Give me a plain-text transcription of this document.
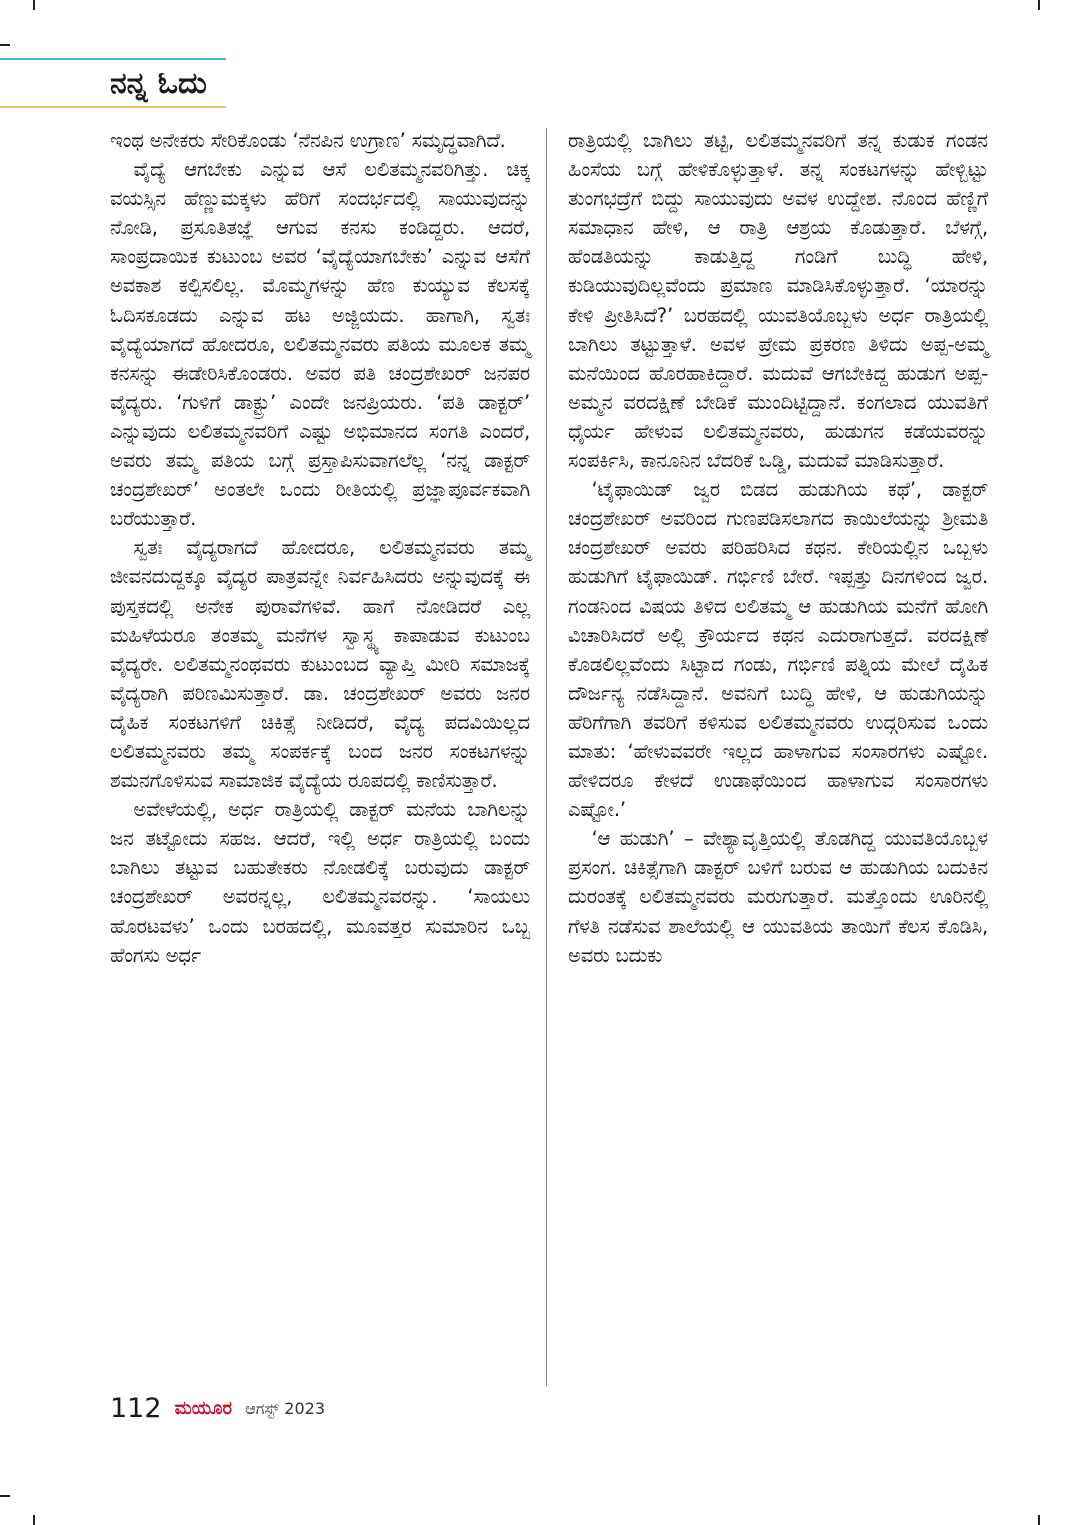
ನನ್ನ ಓದು

ಇಂಥ ಅನೇಕರು ಸೇರಿಕೊಂಡು ‘ನೆನಪಿನ ಉಗ್ರಾಣ’ ಸಮೃದ್ಧವಾಗಿದೆ.

ವೈದ್ಯೆ ಆಗಬೇಕು ಎನ್ನುವ ಆಸೆ ಲಲಿತಮ್ಮನವರಿಗಿತ್ತು. ಚಿಕ್ಕ ವಯಸ್ಸಿನ ಹೆಣ್ಣುಮಕ್ಕಳು ಹೆರಿಗೆ ಸಂದರ್ಭದಲ್ಲಿ ಸಾಯುವುದನ್ನು ನೋಡಿ, ಪ್ರಸೂತಿತಜ್ಞೆ ಆಗುವ ಕನಸು ಕಂಡಿದ್ದರು. ಆದರೆ, ಸಾಂಪ್ರದಾಯಿಕ ಕುಟುಂಬ ಅವರ ‘ವೈದ್ಯೆಯಾಗಬೇಕು’ ಎನ್ನುವ ಆಸೆಗೆ ಅವಕಾಶ ಕಲ್ಪಿಸಲಿಲ್ಲ. ಮೊಮ್ಮಗಳನ್ನು ಹೆಣ ಕುಯ್ಯುವ ಕೆಲಸಕ್ಕೆ ಓದಿಸಕೂಡದು ಎನ್ನುವ ಹಟ ಅಜ್ಜಿಯದು. ಹಾಗಾಗಿ, ಸ್ವತಃ ವೈದ್ಯೆಯಾಗದೆ ಹೋದರೂ, ಲಲಿತಮ್ಮನವರು ಪತಿಯ ಮೂಲಕ ತಮ್ಮ ಕನಸನ್ನು ಈಡೇರಿಸಿಕೊಂಡರು. ಅವರ ಪತಿ ಚಂದ್ರಶೇಖರ್ ಜನಪರ ವೈದ್ಯರು. ‘ಗುಳಿಗೆ ಡಾಕ್ಟ್ರು’ ಎಂದೇ ಜನಪ್ರಿಯರು. ‘ಪತಿ ಡಾಕ್ಟರ್’ ಎನ್ನುವುದು ಲಲಿತಮ್ಮನವರಿಗೆ ಎಷ್ಟು ಅಭಿಮಾನದ ಸಂಗತಿ ಎಂದರೆ, ಅವರು ತಮ್ಮ ಪತಿಯ ಬಗ್ಗೆ ಪ್ರಸ್ತಾಪಿಸುವಾಗಲೆಲ್ಲ ‘ನನ್ನ ಡಾಕ್ಟರ್ ಚಂದ್ರಶೇಖರ್’ ಅಂತಲೇ ಒಂದು ರೀತಿಯಲ್ಲಿ ಪ್ರಜ್ಞಾಪೂರ್ವಕವಾಗಿ ಬರೆಯುತ್ತಾರೆ.

ಸ್ವತಃ ವೈದ್ಯರಾಗದೆ ಹೋದರೂ, ಲಲಿತಮ್ಮನವರು ತಮ್ಮ ಜೀವನದುದ್ದಕ್ಕೂ ವೈದ್ಯರ ಪಾತ್ರವನ್ನೇ ನಿರ್ವಹಿಸಿದರು ಅನ್ನುವುದಕ್ಕೆ ಈ ಪುಸ್ತಕದಲ್ಲಿ ಅನೇಕ ಪುರಾವೆಗಳಿವೆ. ಹಾಗೆ ನೋಡಿದರೆ ಎಲ್ಲ ಮಹಿಳೆಯರೂ ತಂತಮ್ಮ ಮನೆಗಳ ಸ್ವಾಸ್ಥ್ಯ ಕಾಪಾಡುವ ಕುಟುಂಬ ವೈದ್ಯರೇ. ಲಲಿತಮ್ಮನಂಥವರು ಕುಟುಂಬದ ವ್ಯಾಪ್ತಿ ಮೀರಿ ಸಮಾಜಕ್ಕೆ ವೈದ್ಯರಾಗಿ ಪರಿಣಮಿಸುತ್ತಾರೆ. ಡಾ. ಚಂದ್ರಶೇಖರ್ ಅವರು ಜನರ ದೈಹಿಕ ಸಂಕಟಗಳಿಗೆ ಚಿಕಿತ್ಸೆ ನೀಡಿದರೆ, ವೈದ್ಯ ಪದವಿಯಿಲ್ಲದ ಲಲಿತಮ್ಮನವರು ತಮ್ಮ ಸಂಪರ್ಕಕ್ಕೆ ಬಂದ ಜನರ ಸಂಕಟಗಳನ್ನು ಶಮನಗೊಳಿಸುವ ಸಾಮಾಜಿಕ ವೈದ್ಯೆಯ ರೂಪದಲ್ಲಿ ಕಾಣಿಸುತ್ತಾರೆ.

ಅವೇಳೆಯಲ್ಲಿ, ಅರ್ಧ ರಾತ್ರಿಯಲ್ಲಿ ಡಾಕ್ಟರ್ ಮನೆಯ ಬಾಗಿಲನ್ನು ಜನ ತಟ್ಟೋದು ಸಹಜ. ಆದರೆ, ಇಲ್ಲಿ ಅರ್ಧ ರಾತ್ರಿಯಲ್ಲಿ ಬಂದು ಬಾಗಿಲು ತಟ್ಟುವ ಬಹುತೇಕರು ನೋಡಲಿಕ್ಕೆ ಬರುವುದು ಡಾಕ್ಟರ್ ಚಂದ್ರಶೇಖರ್ ಅವರನ್ನಲ್ಲ, ಲಲಿತಮ್ಮನವರನ್ನು. ‘ಸಾಯಲು ಹೊರಟವಳು’ ಒಂದು ಬರಹದಲ್ಲಿ, ಮೂವತ್ತರ ಸುಮಾರಿನ ಒಬ್ಬ ಹೆಂಗಸು ಅರ್ಧ

ರಾತ್ರಿಯಲ್ಲಿ ಬಾಗಿಲು ತಟ್ಟಿ, ಲಲಿತಮ್ಮನವರಿಗೆ ತನ್ನ ಕುಡುಕ ಗಂಡನ ಹಿಂಸೆಯ ಬಗ್ಗೆ ಹೇಳಿಕೊಳ್ಳುತ್ತಾಳೆ. ತನ್ನ ಸಂಕಟಗಳನ್ನು ಹೇಳ್ಬಿಟ್ಟು ತುಂಗಭದ್ರೆಗೆ ಬಿದ್ದು ಸಾಯುವುದು ಅವಳ ಉದ್ದೇಶ. ನೊಂದ ಹೆಣ್ಣಿಗೆ ಸಮಾಧಾನ ಹೇಳಿ, ಆ ರಾತ್ರಿ ಆಶ್ರಯ ಕೊಡುತ್ತಾರೆ. ಬೆಳಗ್ಗೆ, ಹೆಂಡತಿಯನ್ನು ಕಾಡುತ್ತಿದ್ದ ಗಂಡಿಗೆ ಬುದ್ಧಿ ಹೇಳಿ, ಕುಡಿಯುವುದಿಲ್ಲವೆಂದು ಪ್ರಮಾಣ ಮಾಡಿಸಿಕೊಳ್ಳುತ್ತಾರೆ. ‘ಯಾರನ್ನು ಕೇಳಿ ಪ್ರೀತಿಸಿದೆ?’ ಬರಹದಲ್ಲಿ ಯುವತಿಯೊಬ್ಬಳು ಅರ್ಧ ರಾತ್ರಿಯಲ್ಲಿ ಬಾಗಿಲು ತಟ್ಟುತ್ತಾಳೆ. ಅವಳ ಪ್ರೇಮ ಪ್ರಕರಣ ತಿಳಿದು ಅಪ್ಪ-ಅಮ್ಮ ಮನೆಯಿಂದ ಹೊರಹಾಕಿದ್ದಾರೆ. ಮದುವೆ ಆಗಬೇಕಿದ್ದ ಹುಡುಗ ಅಪ್ಪ-ಅಮ್ಮನ ವರದಕ್ಷಿಣೆ ಬೇಡಿಕೆ ಮುಂದಿಟ್ಟಿದ್ದಾನೆ. ಕಂಗಲಾದ ಯುವತಿಗೆ ಧೈರ್ಯ ಹೇಳುವ ಲಲಿತಮ್ಮನವರು, ಹುಡುಗನ ಕಡೆಯವರನ್ನು ಸಂಪರ್ಕಿಸಿ, ಕಾನೂನಿನ ಬೆದರಿಕೆ ಒಡ್ಡಿ, ಮದುವೆ ಮಾಡಿಸುತ್ತಾರೆ.

‘ಟೈಫಾಯಿಡ್ ಜ್ವರ ಬಿಡದ ಹುಡುಗಿಯ ಕಥೆ’, ಡಾಕ್ಟರ್ ಚಂದ್ರಶೇಖರ್ ಅವರಿಂದ ಗುಣಪಡಿಸಲಾಗದ ಕಾಯಿಲೆಯನ್ನು ಶ್ರೀಮತಿ ಚಂದ್ರಶೇಖರ್ ಅವರು ಪರಿಹರಿಸಿದ ಕಥನ. ಕೇರಿಯಲ್ಲಿನ ಒಬ್ಬಳು ಹುಡುಗಿಗೆ ಟೈಫಾಯಿಡ್. ಗರ್ಭಿಣಿ ಬೇರೆ. ಇಪ್ಪತ್ತು ದಿನಗಳಿಂದ ಜ್ವರ. ಗಂಡನಿಂದ ವಿಷಯ ತಿಳಿದ ಲಲಿತಮ್ಮ ಆ ಹುಡುಗಿಯ ಮನೆಗೆ ಹೋಗಿ ವಿಚಾರಿಸಿದರೆ ಅಲ್ಲಿ ಕ್ರೌರ್ಯದ ಕಥನ ಎದುರಾಗುತ್ತದೆ. ವರದಕ್ಷಿಣೆ ಕೊಡಲಿಲ್ಲವೆಂದು ಸಿಟ್ಟಾದ ಗಂಡು, ಗರ್ಭಿಣಿ ಪತ್ನಿಯ ಮೇಲೆ ದೈಹಿಕ ದೌರ್ಜನ್ಯ ನಡೆಸಿದ್ದಾನೆ. ಅವನಿಗೆ ಬುದ್ಧಿ ಹೇಳಿ, ಆ ಹುಡುಗಿಯನ್ನು ಹೆರಿಗೆಗಾಗಿ ತವರಿಗೆ ಕಳಿಸುವ ಲಲಿತಮ್ಮನವರು ಉದ್ಗರಿಸುವ ಒಂದು ಮಾತು: ‘ಹೇಳುವವರೇ ಇಲ್ಲದ ಹಾಳಾಗುವ ಸಂಸಾರಗಳು ಎಷ್ಟೋ. ಹೇಳಿದರೂ ಕೇಳದೆ ಉಡಾಫೆಯಿಂದ ಹಾಳಾಗುವ ಸಂಸಾರಗಳು ಎಷ್ಟೋ.’

‘ಆ ಹುಡುಗಿ’ – ವೇಶ್ಯಾವೃತ್ತಿಯಲ್ಲಿ ತೊಡಗಿದ್ದ ಯುವತಿಯೊಬ್ಬಳ ಪ್ರಸಂಗ. ಚಿಕಿತ್ಸೆಗಾಗಿ ಡಾಕ್ಟರ್ ಬಳಿಗೆ ಬರುವ ಆ ಹುಡುಗಿಯ ಬದುಕಿನ ದುರಂತಕ್ಕೆ ಲಲಿತಮ್ಮನವರು ಮರುಗುತ್ತಾರೆ. ಮತ್ತೊಂದು ಊರಿನಲ್ಲಿ ಗೆಳತಿ ನಡೆಸುವ ಶಾಲೆಯಲ್ಲಿ ಆ ಯುವತಿಯ ತಾಯಿಗೆ ಕೆಲಸ ಕೊಡಿಸಿ, ಅವರು ಬದುಕು

112 ಮಯೂರ ಆಗಸ್ಟ್ 2023
